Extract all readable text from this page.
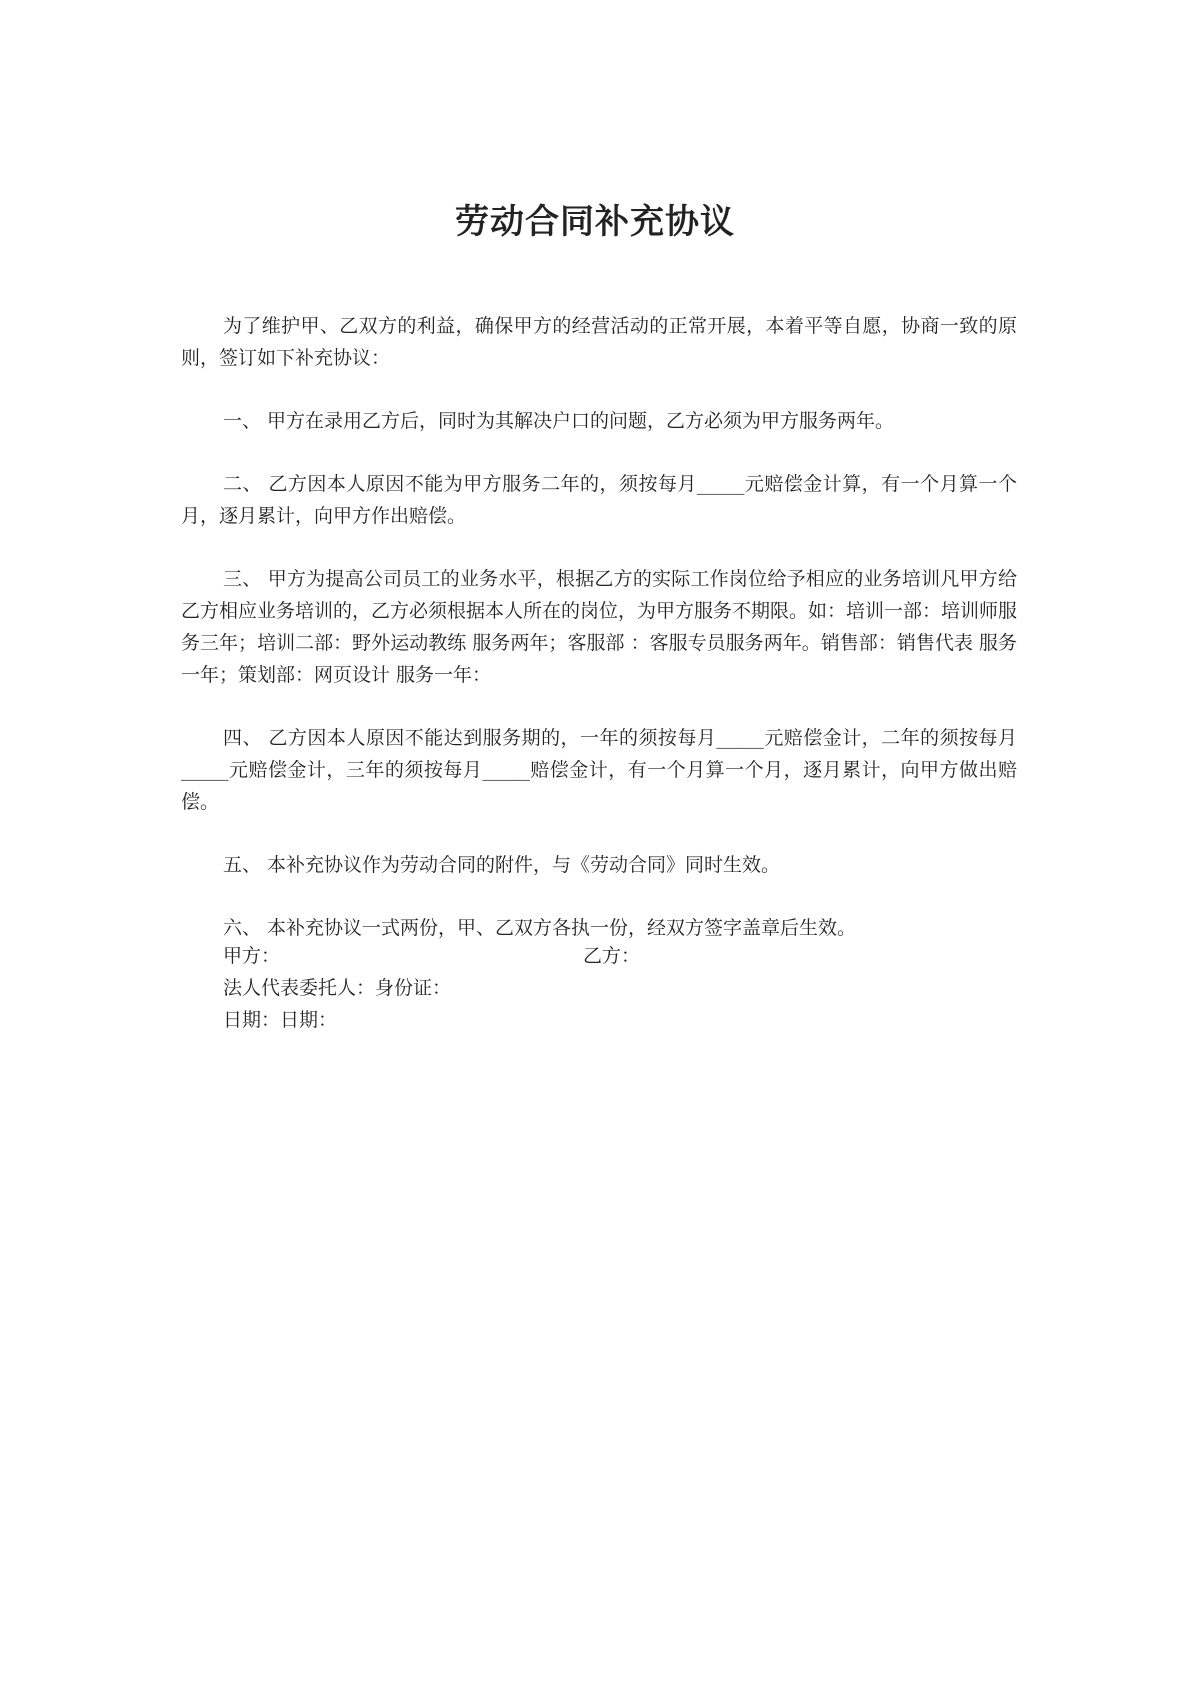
劳动合同补充协议

为了维护甲、乙双方的利益，确保甲方的经营活动的正常开展，本着平等自愿，协商一致的原则，签订如下补充协议：

一、 甲方在录用乙方后，同时为其解决户口的问题，乙方必须为甲方服务两年。

二、 乙方因本人原因不能为甲方服务二年的，须按每月_____元赔偿金计算，有一个月算一个月，逐月累计，向甲方作出赔偿。

三、 甲方为提高公司员工的业务水平，根据乙方的实际工作岗位给予相应的业务培训凡甲方给乙方相应业务培训的，乙方必须根据本人所在的岗位，为甲方服务不期限。如：培训一部：培训师服务三年；培训二部：野外运动教练 服务两年；客服部 ：客服专员服务两年。销售部：销售代表 服务一年；策划部：网页设计 服务一年：

四、 乙方因本人原因不能达到服务期的，一年的须按每月_____元赔偿金计，二年的须按每月_____元赔偿金计，三年的须按每月_____赔偿金计，有一个月算一个月，逐月累计，向甲方做出赔偿。

五、 本补充协议作为劳动合同的附件，与《劳动合同》同时生效。

六、 本补充协议一式两份，甲、乙双方各执一份，经双方签字盖章后生效。

甲方：	乙方：
法人代表委托人：身份证：
日期：日期：
